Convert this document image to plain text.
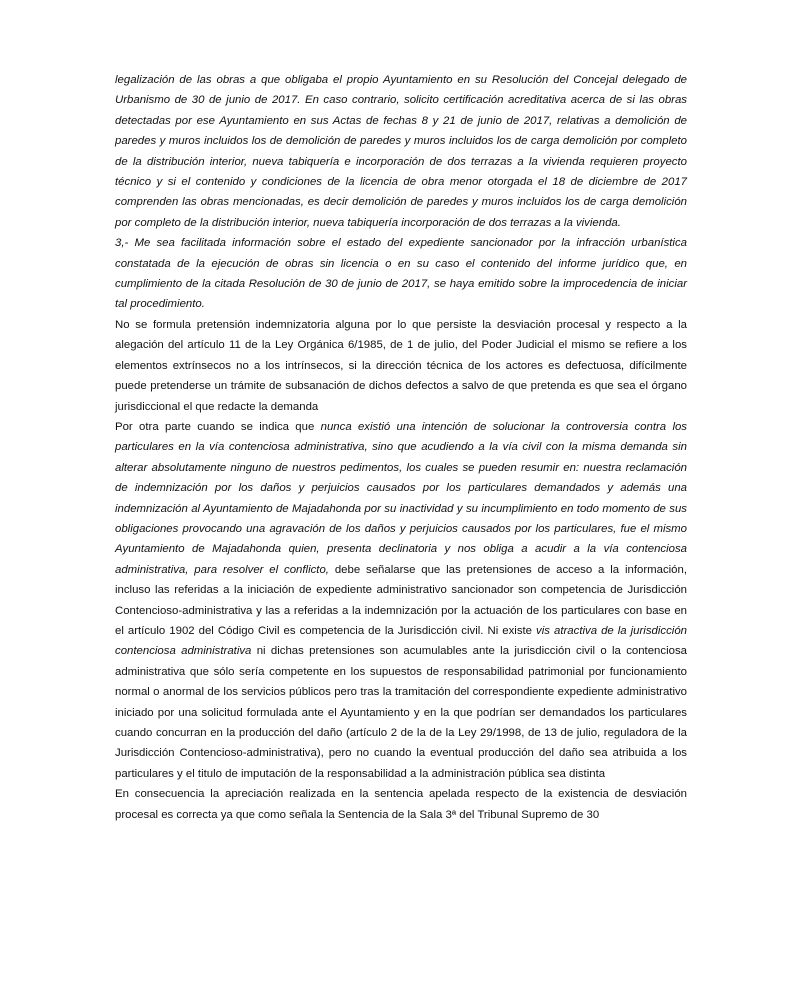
legalización de las obras a que obligaba el propio Ayuntamiento en su Resolución del Concejal delegado de Urbanismo de 30 de junio de 2017. En caso contrario, solicito certificación acreditativa acerca de si las obras detectadas por ese Ayuntamiento en sus Actas de fechas 8 y 21 de junio de 2017, relativas a demolición de paredes y muros incluidos los de demolición de paredes y muros incluidos los de carga demolición por completo de la distribución interior, nueva tabiquería e incorporación de dos terrazas a la vivienda requieren proyecto técnico y si el contenido y condiciones de la licencia de obra menor otorgada el 18 de diciembre de 2017 comprenden las obras mencionadas, es decir demolición de paredes y muros incluidos los de carga demolición por completo de la distribución interior, nueva tabiquería incorporación de dos terrazas a la vivienda.

3,- Me sea facilitada información sobre el estado del expediente sancionador por la infracción urbanística constatada de la ejecución de obras sin licencia o en su caso el contenido del informe jurídico que, en cumplimiento de la citada Resolución de 30 de junio de 2017, se haya emitido sobre la improcedencia de iniciar tal procedimiento.

No se formula pretensión indemnizatoria alguna por lo que persiste la desviación procesal y respecto a la alegación del artículo 11 de la Ley Orgánica 6/1985, de 1 de julio, del Poder Judicial el mismo se refiere a los elementos extrínsecos no a los intrínsecos, si la dirección técnica de los actores es defectuosa, difícilmente puede pretenderse un trámite de subsanación de dichos defectos a salvo de que pretenda es que sea el órgano jurisdiccional el que redacte la demanda

Por otra parte cuando se indica que nunca existió una intención de solucionar la controversia contra los particulares en la vía contenciosa administrativa, sino que acudiendo a la vía civil con la misma demanda sin alterar absolutamente ninguno de nuestros pedimentos, los cuales se pueden resumir en: nuestra reclamación de indemnización por los daños y perjuicios causados por los particulares demandados y además una indemnización al Ayuntamiento de Majadahonda por su inactividad y su incumplimiento en todo momento de sus obligaciones provocando una agravación de los daños y perjuicios causados por los particulares, fue el mismo Ayuntamiento de Majadahonda quien, presenta declinatoria y nos obliga a acudir a la vía contenciosa administrativa, para resolver el conflicto, debe señalarse que las pretensiones de acceso a la información, incluso las referidas a la iniciación de expediente administrativo sancionador son competencia de Jurisdicción Contencioso-administrativa y las a referidas a la indemnización por la actuación de los particulares con base en el artículo 1902 del Código Civil es competencia de la Jurisdicción civil. Ni existe vis atractiva de la jurisdicción contenciosa administrativa ni dichas pretensiones son acumulables ante la jurisdicción civil o la contenciosa administrativa que sólo sería competente en los supuestos de responsabilidad patrimonial por funcionamiento normal o anormal de los servicios públicos pero tras la tramitación del correspondiente expediente administrativo iniciado por una solicitud formulada ante el Ayuntamiento y en la que podrían ser demandados los particulares cuando concurran en la producción del daño (artículo 2 de la de la Ley 29/1998, de 13 de julio, reguladora de la Jurisdicción Contencioso-administrativa), pero no cuando la eventual producción del daño sea atribuida a los particulares y el titulo de imputación de la responsabilidad a la administración pública sea distinta

En consecuencia la apreciación realizada en la sentencia apelada respecto de la existencia de desviación procesal es correcta ya que como señala la Sentencia de la Sala 3ª del Tribunal Supremo de 30
